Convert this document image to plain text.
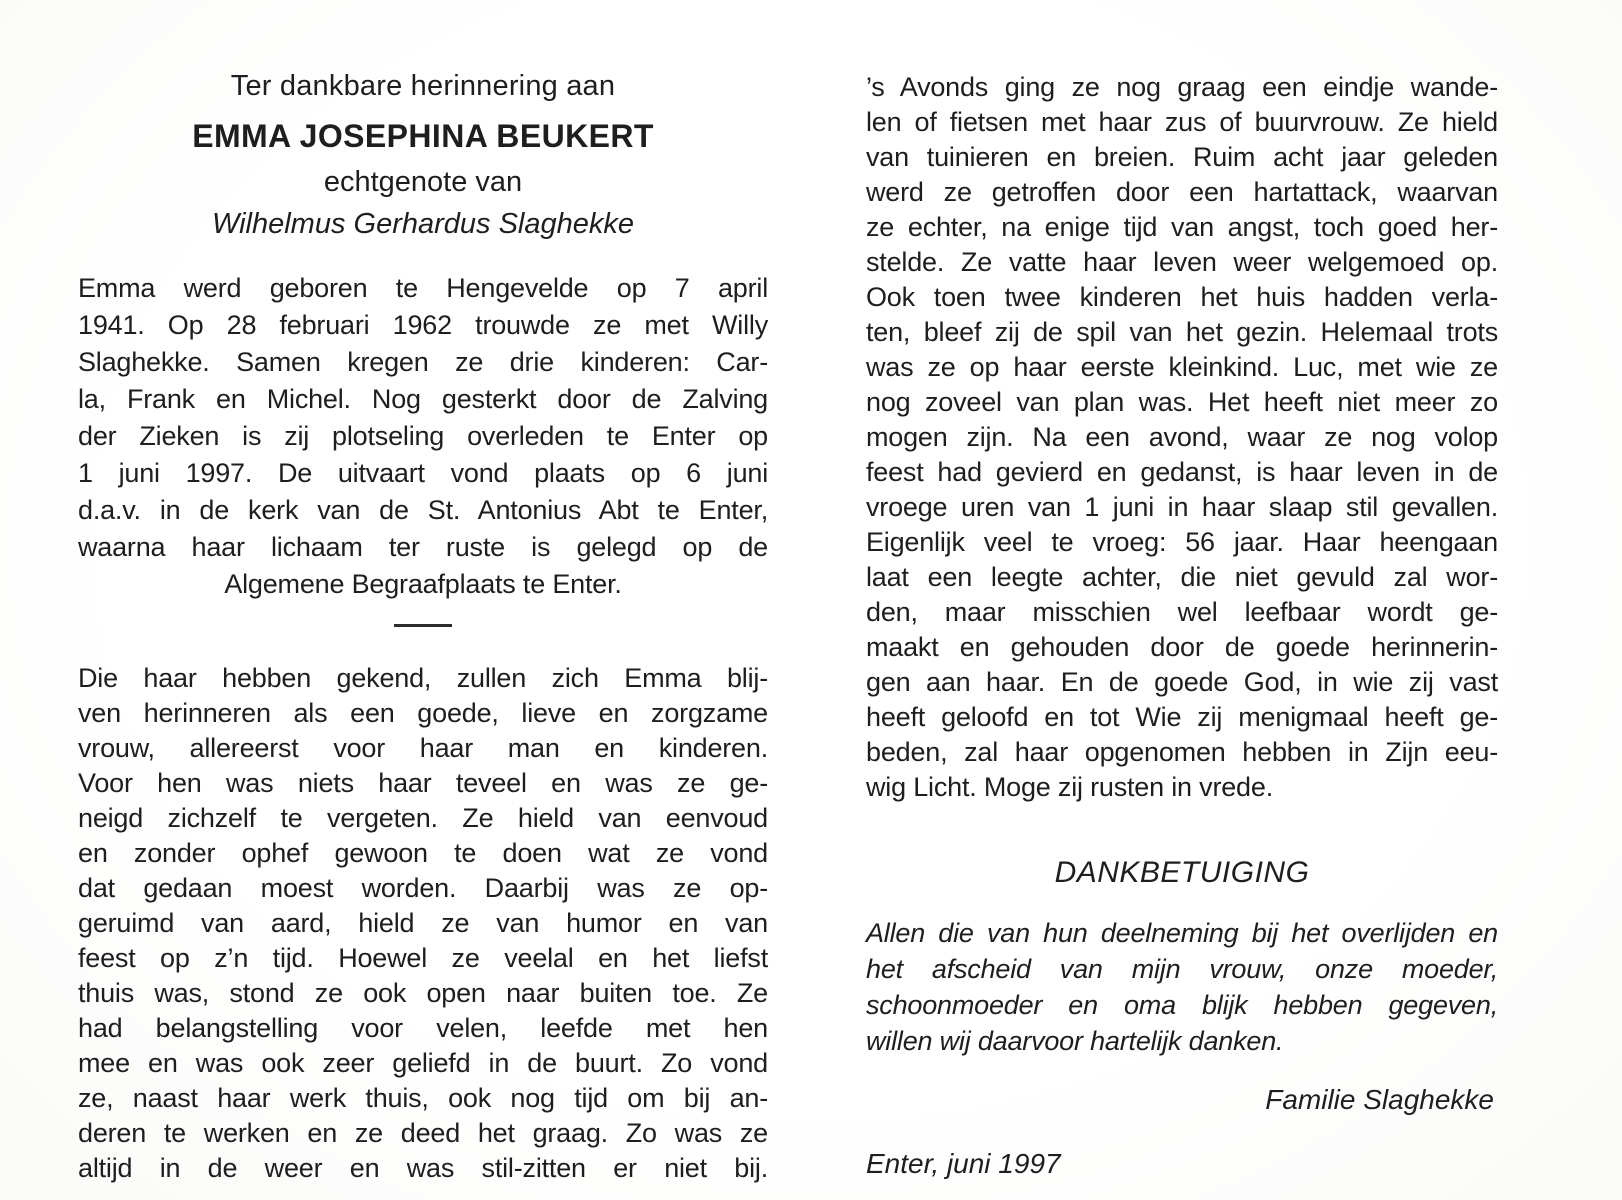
Ter dankbare herinnering aan
EMMA JOSEPHINA BEUKERT
echtgenote van
Wilhelmus Gerhardus Slaghekke
Emma werd geboren te Hengevelde op 7 april
1941. Op 28 februari 1962 trouwde ze met Willy
Slaghekke. Samen kregen ze drie kinderen: Car-
la, Frank en Michel. Nog gesterkt door de Zalving
der Zieken is zij plotseling overleden te Enter op
1 juni 1997. De uitvaart vond plaats op 6 juni
d.a.v. in de kerk van de St. Antonius Abt te Enter,
waarna haar lichaam ter ruste is gelegd op de
Algemene Begraafplaats te Enter.
Die haar hebben gekend, zullen zich Emma blij-
ven herinneren als een goede, lieve en zorgzame
vrouw, allereerst voor haar man en kinderen.
Voor hen was niets haar teveel en was ze ge-
neigd zichzelf te vergeten. Ze hield van eenvoud
en zonder ophef gewoon te doen wat ze vond
dat gedaan moest worden. Daarbij was ze op-
geruimd van aard, hield ze van humor en van
feest op z’n tijd. Hoewel ze veelal en het liefst
thuis was, stond ze ook open naar buiten toe. Ze
had belangstelling voor velen, leefde met hen
mee en was ook zeer geliefd in de buurt. Zo vond
ze, naast haar werk thuis, ook nog tijd om bij an-
deren te werken en ze deed het graag. Zo was ze
altijd in de weer en was stil-zitten er niet bij.
’s Avonds ging ze nog graag een eindje wande-
len of fietsen met haar zus of buurvrouw. Ze hield
van tuinieren en breien. Ruim acht jaar geleden
werd ze getroffen door een hartattack, waarvan
ze echter, na enige tijd van angst, toch goed her-
stelde. Ze vatte haar leven weer welgemoed op.
Ook toen twee kinderen het huis hadden verla-
ten, bleef zij de spil van het gezin. Helemaal trots
was ze op haar eerste kleinkind. Luc, met wie ze
nog zoveel van plan was. Het heeft niet meer zo
mogen zijn. Na een avond, waar ze nog volop
feest had gevierd en gedanst, is haar leven in de
vroege uren van 1 juni in haar slaap stil gevallen.
Eigenlijk veel te vroeg: 56 jaar. Haar heengaan
laat een leegte achter, die niet gevuld zal wor-
den, maar misschien wel leefbaar wordt ge-
maakt en gehouden door de goede herinnerin-
gen aan haar. En de goede God, in wie zij vast
heeft geloofd en tot Wie zij menigmaal heeft ge-
beden, zal haar opgenomen hebben in Zijn eeu-
wig Licht. Moge zij rusten in vrede.
DANKBETUIGING
Allen die van hun deelneming bij het overlijden en
het afscheid van mijn vrouw, onze moeder,
schoonmoeder en oma blijk hebben gegeven,
willen wij daarvoor hartelijk danken.
Familie Slaghekke
Enter, juni 1997
